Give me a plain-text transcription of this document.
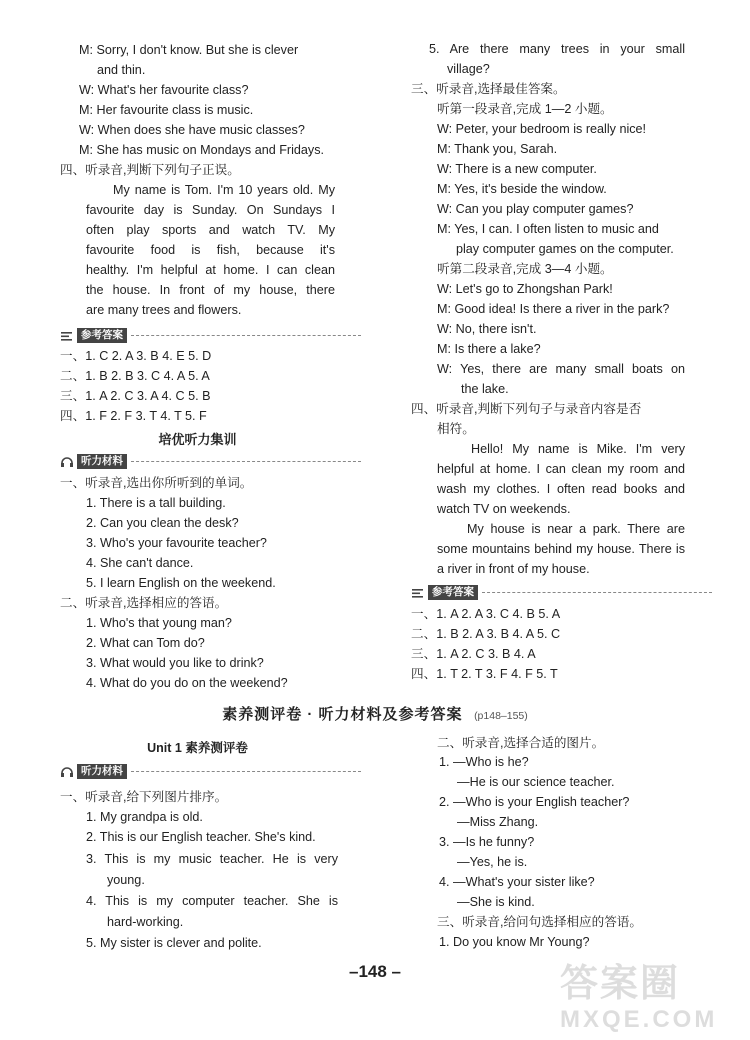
M: Sorry, I don't know. But she is clever
and thin.
W: What's her favourite class?
M: Her favourite class is music.
W: When does she have music classes?
M: She has music on Mondays and Fridays.
四、听录音,判断下列句子正误。
My name is Tom. I'm 10 years old. My
favourite day is Sunday. On Sundays I
often play sports and watch TV. My
favourite food is fish, because it's
healthy. I'm helpful at home. I can clean
the house. In front of my house, there
are many trees and flowers.
参考答案
一、1. C 2. A 3. B 4. E 5. D
二、1. B 2. B 3. C 4. A 5. A
三、1. A 2. C 3. A 4. C 5. B
四、1. F 2. F 3. T 4. T 5. F
培优听力集训
听力材料
一、听录音,选出你所听到的单词。
1. There is a tall building.
2. Can you clean the desk?
3. Who's your favourite teacher?
4. She can't dance.
5. I learn English on the weekend.
二、听录音,选择相应的答语。
1. Who's that young man?
2. What can Tom do?
3. What would you like to drink?
4. What do you do on the weekend?
5. Are there many trees in your small
village?
三、听录音,选择最佳答案。
听第一段录音,完成 1—2 小题。
W: Peter, your bedroom is really nice!
M: Thank you, Sarah.
W: There is a new computer.
M: Yes, it's beside the window.
W: Can you play computer games?
M: Yes, I can. I often listen to music and
play computer games on the computer.
听第二段录音,完成 3—4 小题。
W: Let's go to Zhongshan Park!
M: Good idea! Is there a river in the park?
W: No, there isn't.
M: Is there a lake?
W: Yes, there are many small boats on
the lake.
四、听录音,判断下列句子与录音内容是否
相符。
Hello! My name is Mike. I'm very
helpful at home. I can clean my room and
wash my clothes. I often read books and
watch TV on weekends.
My house is near a park. There are
some mountains behind my house. There is
a river in front of my house.
参考答案
一、1. A 2. A 3. C 4. B 5. A
二、1. B 2. A 3. B 4. A 5. C
三、1. A 2. C 3. B 4. A
四、1. T 2. T 3. F 4. F 5. T
素养测评卷 · 听力材料及参考答案 (p148–155)
Unit 1 素养测评卷
听力材料
一、听录音,给下列图片排序。
1. My grandpa is old.
2. This is our English teacher. She's kind.
3. This is my music teacher. He is very
young.
4. This is my computer teacher. She is
hard-working.
5. My sister is clever and polite.
二、听录音,选择合适的图片。
1. —Who is he?
—He is our science teacher.
2. —Who is your English teacher?
—Miss Zhang.
3. —Is he funny?
—Yes, he is.
4. —What's your sister like?
—She is kind.
三、听录音,给问句选择相应的答语。
1. Do you know Mr Young?
–148 –	答案圈
MXQE.COM
